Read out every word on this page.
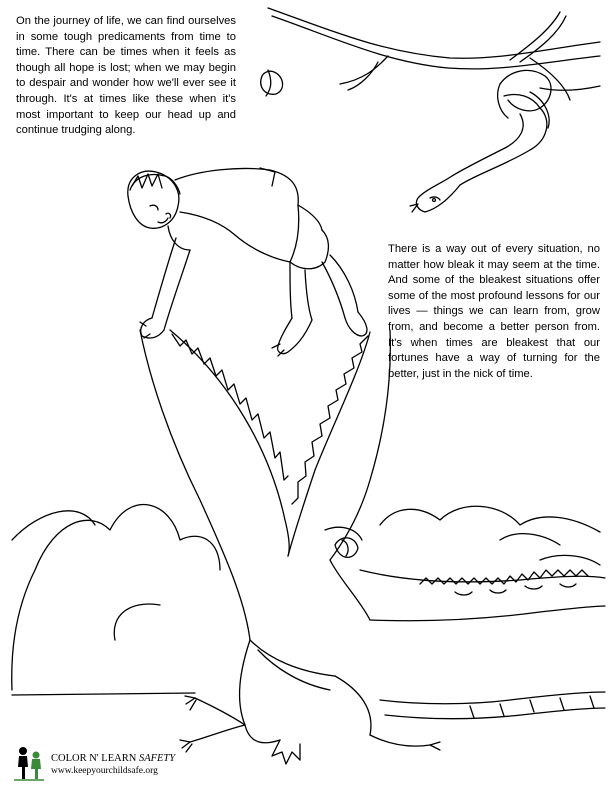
On the journey of life, we can find ourselves in some tough predicaments from time to time. There can be times when it feels as though all hope is lost; when we may begin to despair and wonder how we'll ever see it through. It's at times like these when it's most important to keep our head up and continue trudging along.

There is a way out of every situation, no matter how bleak it may seem at the time. And some of the bleakest situations offer some of the most profound lessons for our lives — things we can learn from, grow from, and become a better person from. It's when times are bleakest that our fortunes have a way of turning for the better, just in the nick of time.

COLOR N' LEARN SAFETY
www.keepyourchildsafe.org
